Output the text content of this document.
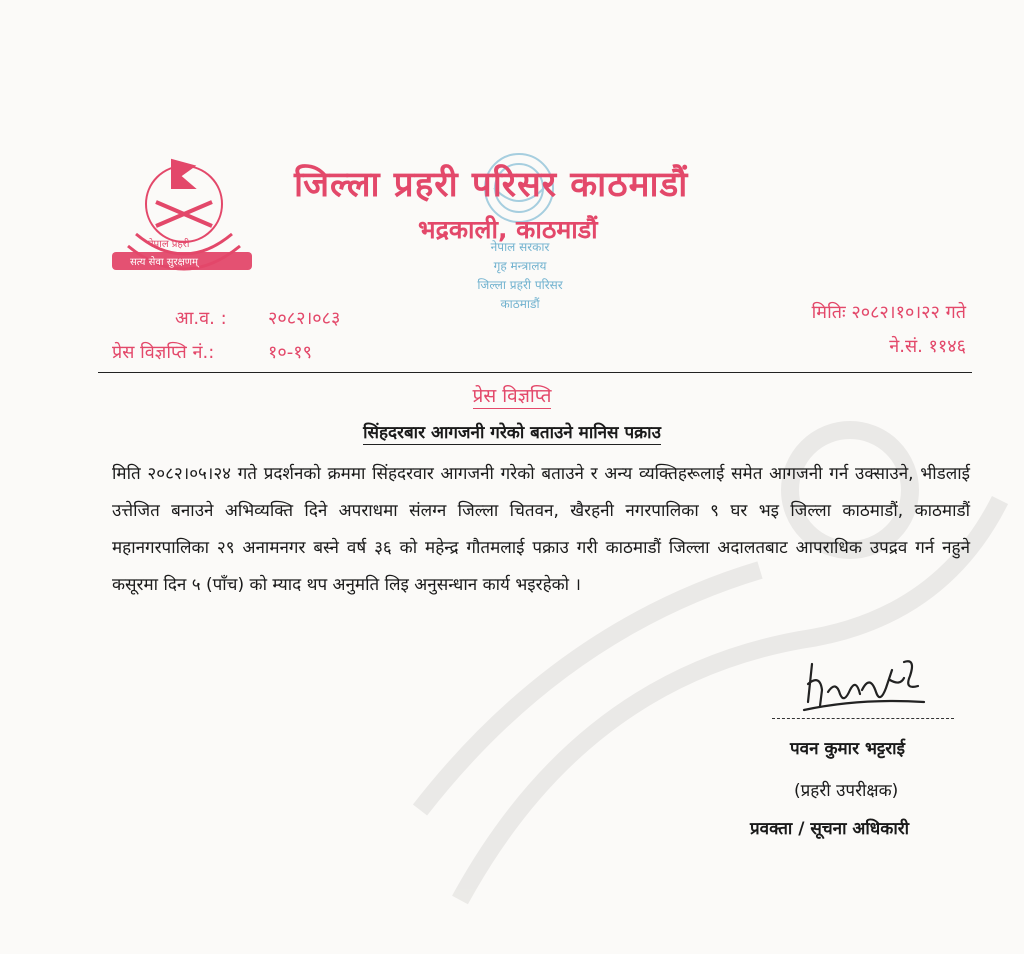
नेपाल प्रहरी
सत्य सेवा सुरक्षणम्
नेपाल सरकार
गृह मन्त्रालय
जिल्ला प्रहरी परिसर
काठमाडौं
जिल्ला प्रहरी परिसर काठमाडौं
भद्रकाली, काठमाडौं
आ.व. : २०८२।०८३
प्रेस विज्ञप्ति नं.:	१०-१९
मितिः २०८२।१०।२२ गते
ने.सं. ११४६
प्रेस विज्ञप्ति
सिंहदरबार आगजनी गरेको बताउने मानिस पक्राउ
मिति २०८२।०५।२४ गते प्रदर्शनको क्रममा सिंहदरवार आगजनी गरेको बताउने र अन्य व्यक्तिहरूलाई समेत आगजनी गर्न उक्साउने, भीडलाई उत्तेजित बनाउने अभिव्यक्ति दिने अपराधमा संलग्न जिल्ला चितवन, खैरहनी नगरपालिका ९ घर भइ जिल्ला काठमाडौं, काठमाडौं महानगरपालिका २९ अनामनगर बस्ने वर्ष ३६ को महेन्द्र गौतमलाई पक्राउ गरी काठमाडौं जिल्ला अदालतबाट आपराधिक उपद्रव गर्न नहुने कसूरमा दिन ५ (पाँच) को म्याद थप अनुमति लिइ अनुसन्धान कार्य भइरहेको ।
पवन कुमार भट्टराई
(प्रहरी उपरीक्षक)
प्रवक्ता / सूचना अधिकारी
